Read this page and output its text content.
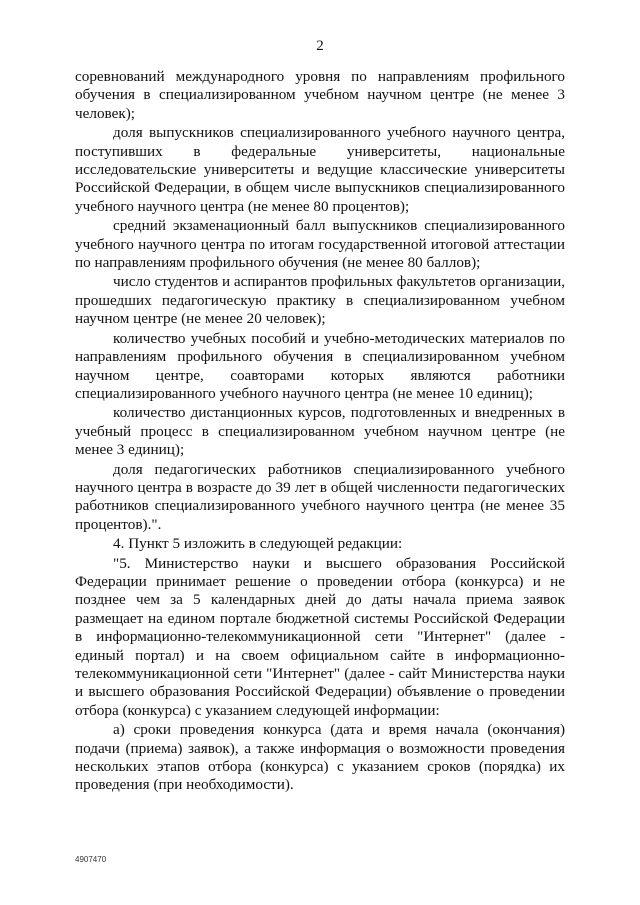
2

соревнований международного уровня по направлениям профильного обучения в специализированном учебном научном центре (не менее 3 человек);

доля выпускников специализированного учебного научного центра, поступивших в федеральные университеты, национальные исследовательские университеты и ведущие классические университеты Российской Федерации, в общем числе выпускников специализированного учебного научного центра (не менее 80 процентов);

средний экзаменационный балл выпускников специализированного учебного научного центра по итогам государственной итоговой аттестации по направлениям профильного обучения (не менее 80 баллов);

число студентов и аспирантов профильных факультетов организации, прошедших педагогическую практику в специализированном учебном научном центре (не менее 20 человек);

количество учебных пособий и учебно-методических материалов по направлениям профильного обучения в специализированном учебном научном центре, соавторами которых являются работники специализированного учебного научного центра (не менее 10 единиц);

количество дистанционных курсов, подготовленных и внедренных в учебный процесс в специализированном учебном научном центре (не менее 3 единиц);

доля педагогических работников специализированного учебного научного центра в возрасте до 39 лет в общей численности педагогических работников специализированного учебного научного центра (не менее 35 процентов).".

4. Пункт 5 изложить в следующей редакции:

"5. Министерство науки и высшего образования Российской Федерации принимает решение о проведении отбора (конкурса) и не позднее чем за 5 календарных дней до даты начала приема заявок размещает на едином портале бюджетной системы Российской Федерации в информационно-телекоммуникационной сети "Интернет" (далее - единый портал) и на своем официальном сайте в информационно-телекоммуникационной сети "Интернет" (далее - сайт Министерства науки и высшего образования Российской Федерации) объявление о проведении отбора (конкурса) с указанием следующей информации:

а) сроки проведения конкурса (дата и время начала (окончания) подачи (приема) заявок), а также информация о возможности проведения нескольких этапов отбора (конкурса) с указанием сроков (порядка) их проведения (при необходимости).

4907470
